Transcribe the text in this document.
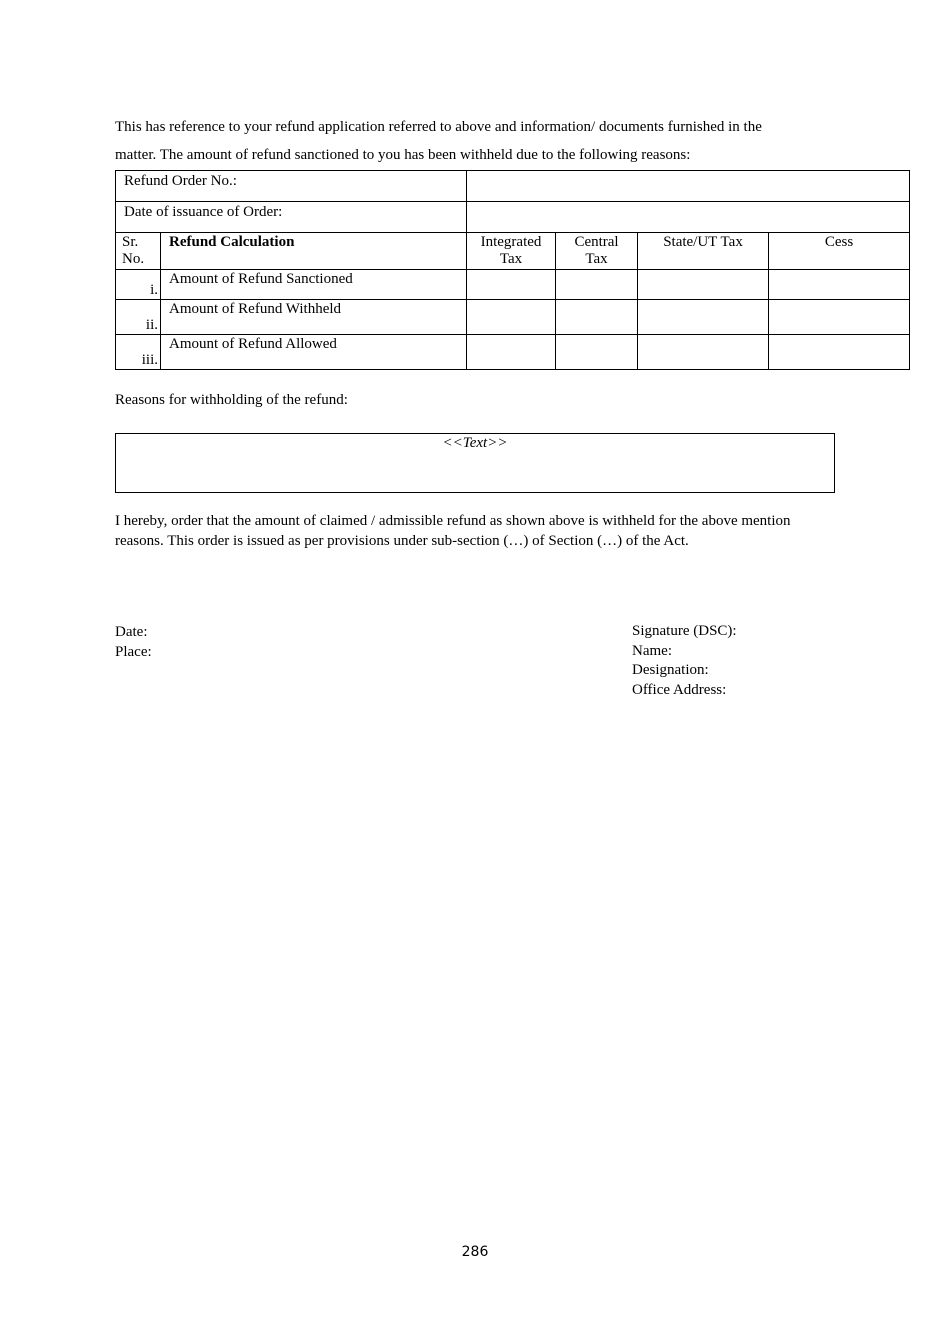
This has reference to your refund application referred to above and information/ documents furnished in the
matter. The amount of refund sanctioned to you has been withheld due to the following reasons:
Refund Order No.:					
Date of issuance of Order:					
Sr. No.	Refund Calculation	Integrated Tax	Central Tax	State/UT Tax	Cess
i.	Amount of Refund Sanctioned				
ii.	Amount of Refund Withheld				
iii.	Amount of Refund Allowed				
Reasons for withholding of the refund:
<<Text>>
I hereby, order that the amount of claimed / admissible refund as shown above is withheld for the above mention
reasons. This order is issued as per provisions under sub-section (…) of Section (…) of the Act.
Date:
Place:
Signature (DSC):
Name:
Designation:
Office Address:
286
